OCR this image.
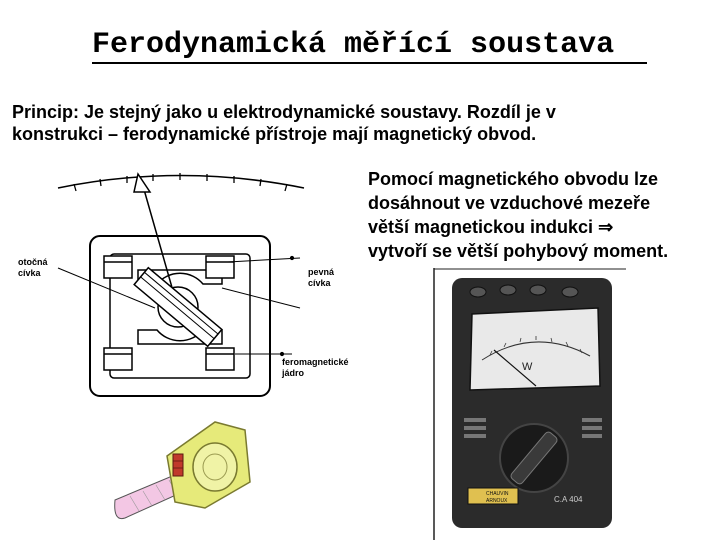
Ferodynamická měřící soustava
Princip: Je stejný jako u elektrodynamické soustavy. Rozdíl je v
konstrukci – ferodynamické přístroje mají magnetický obvod.
Pomocí magnetického obvodu lze
dosáhnout ve vzduchové mezeře
větší magnetickou indukci ⇒
vytvoří se větší pohybový moment.
otočná
cívka	pevná
cívka
feromagnetické
jádro	W
CHAUVIN
ARNOUX	C.A 404
